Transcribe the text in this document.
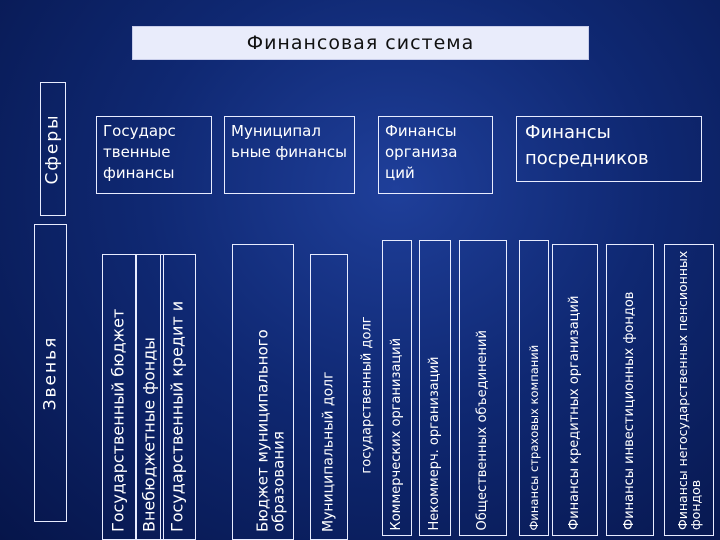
Финансовая система
Сферы
Звенья
Государс твенные финансы
Муниципал ьные финансы
Финансы организа ций
Финансы посредников
Государственный бюджет Внебюджетные фонды Государственный кредит и	государственный долг
Бюджет муниципального образования Муниципальный долг	Коммерческих организаций Некоммерч. организаций	Общественных объединений	Финансы страховых компаний Финансы кредитных организаций	Финансы инвестиционных фондов	Финансы негосударственных пенсионных фондов
